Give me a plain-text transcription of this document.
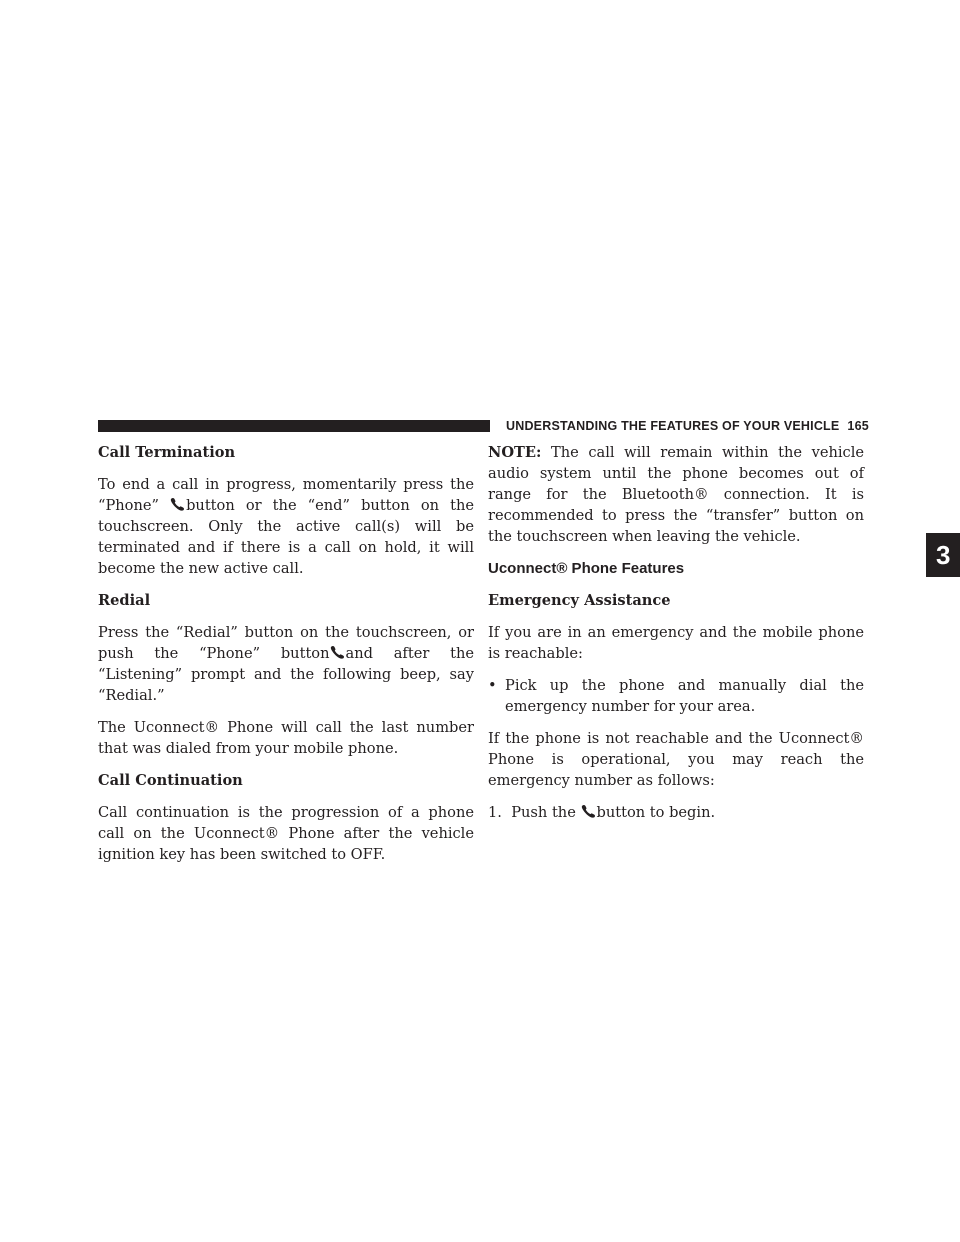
UNDERSTANDING THE FEATURES OF YOUR VEHICLE 165
3
Call Termination

To end a call in progress, momentarily press the “Phone” button or the “end” button on the touchscreen. Only the active call(s) will be terminated and if there is a call on hold, it will become the new active call.

Redial

Press the “Redial” button on the touchscreen, or push the “Phone” button and after the “Listening” prompt and the following beep, say “Redial.”

The Uconnect® Phone will call the last number that was dialed from your mobile phone.

Call Continuation

Call continuation is the progression of a phone call on the Uconnect® Phone after the vehicle ignition key has been switched to OFF.

NOTE: The call will remain within the vehicle audio system until the phone becomes out of range for the Bluetooth® connection. It is recommended to press the “transfer” button on the touchscreen when leaving the vehicle.

Uconnect® Phone Features
Emergency Assistance

If you are in an emergency and the mobile phone is reachable:

• Pick up the phone and manually dial the emergency number for your area.

If the phone is not reachable and the Uconnect® Phone is operational, you may reach the emergency number as follows:

1.  Push the button to begin.
